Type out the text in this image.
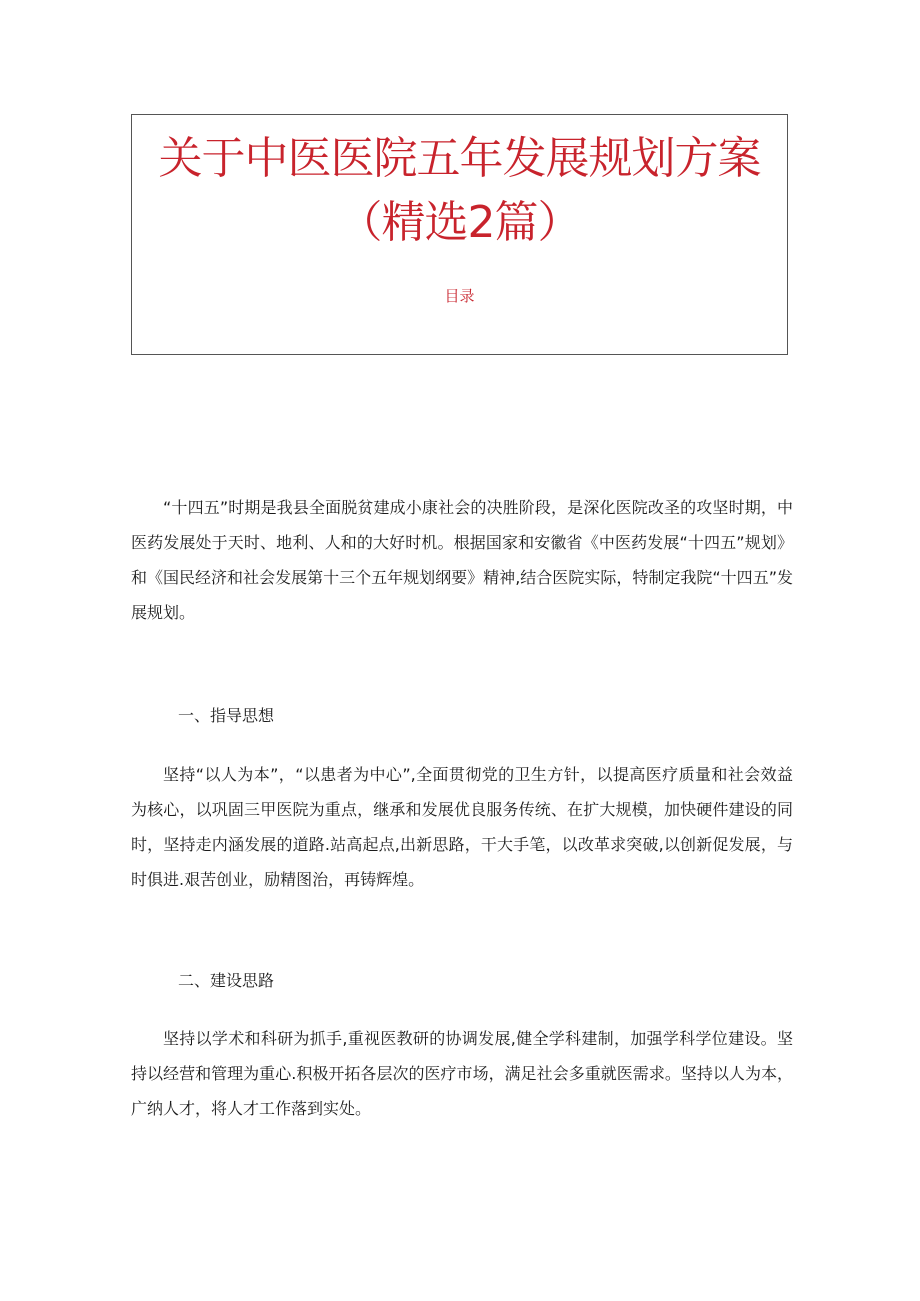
关于中医医院五年发展规划方案
（精选2篇）
目录

“十四五”时期是我县全面脱贫建成小康社会的决胜阶段，是深化医院改圣的攻坚时期，中医药发展处于天时、地利、人和的大好时机。根据国家和安徽省《中医药发展“十四五”规划》和《国民经济和社会发展第十三个五年规划纲要》精神,结合医院实际，特制定我院“十四五”发展规划。

一、指导思想

坚持“以人为本”，“以患者为中心”,全面贯彻党的卫生方针，以提高医疗质量和社会效益为核心，以巩固三甲医院为重点，继承和发展优良服务传统、在扩大规模，加快硬件建设的同时，坚持走内涵发展的道路.站高起点,出新思路，干大手笔，以改革求突破,以创新促发展，与时俱进.艰苦创业，励精图治，再铸辉煌。

二、建设思路

坚持以学术和科研为抓手,重视医教研的协调发展,健全学科建制，加强学科学位建设。坚持以经营和管理为重心.积极开拓各层次的医疗市场，满足社会多重就医需求。坚持以人为本，广纳人才，将人才工作落到实处。
